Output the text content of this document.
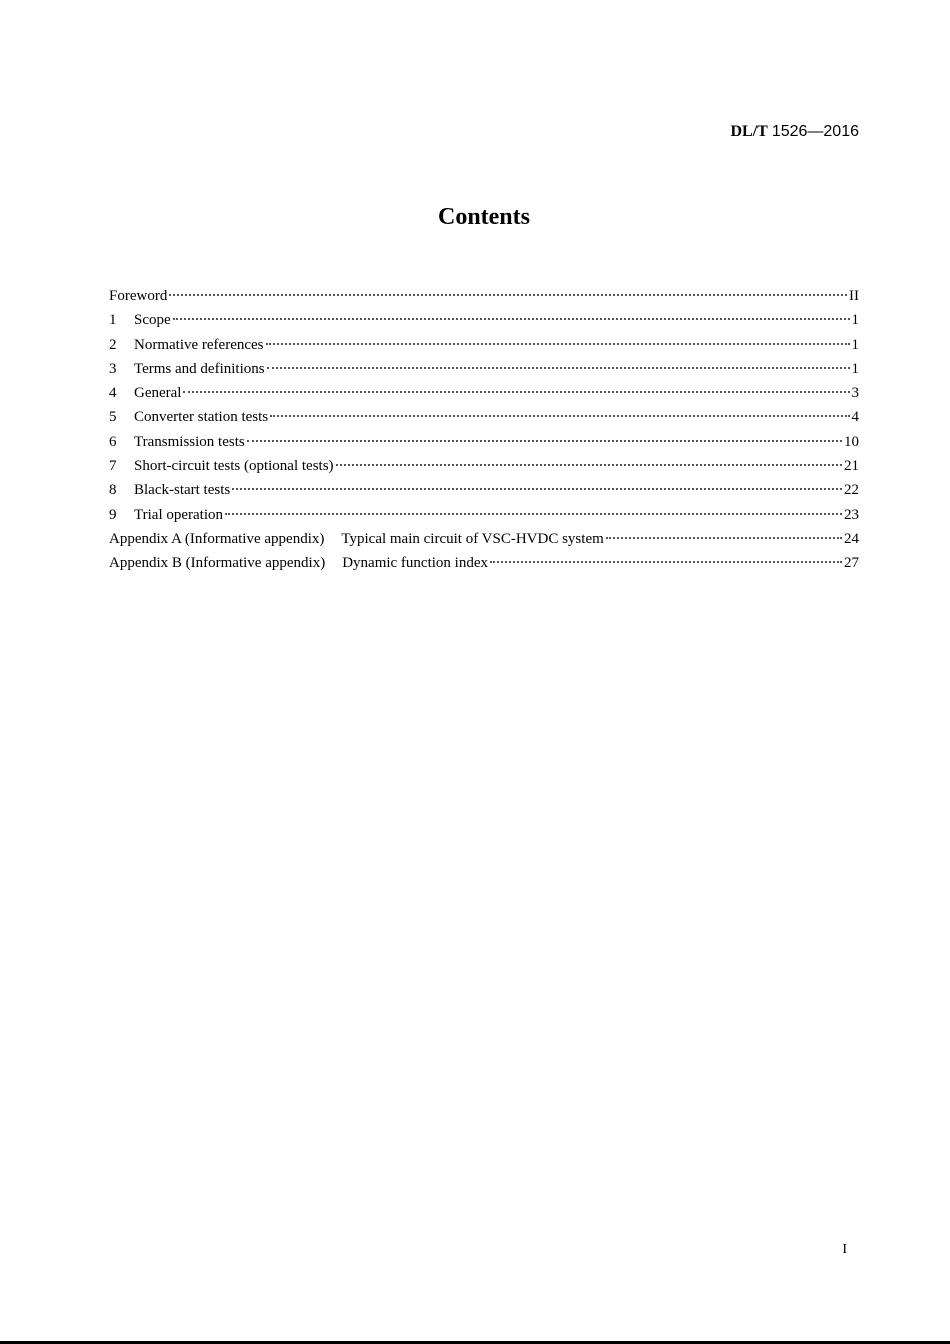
DL/T 1526—2016
Contents
Foreword	II
1	Scope	1
2	Normative references	1
3	Terms and definitions	1
4	General	3
5	Converter station tests	4
6	Transmission tests	10
7	Short-circuit tests (optional tests)	21
8	Black-start tests	22
9	Trial operation	23
Appendix A (Informative appendix) Typical main circuit of VSC-HVDC system	24
Appendix B (Informative appendix) Dynamic function index	27
I
